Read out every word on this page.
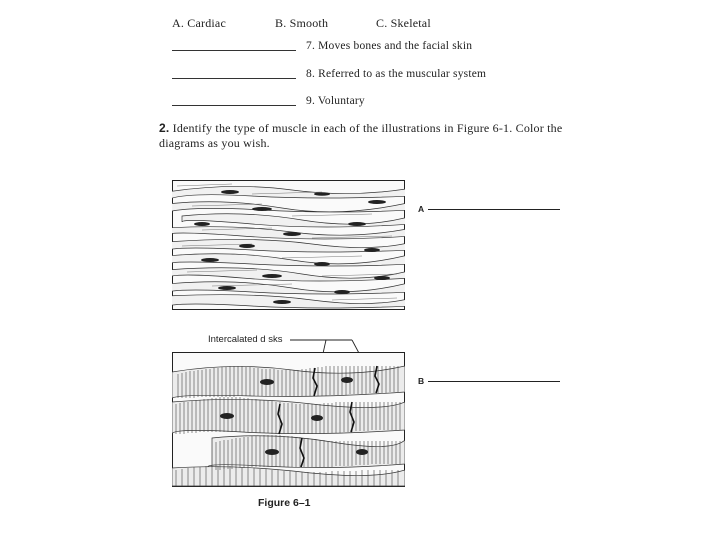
A. Cardiac	B. Smooth	C. Skeletal
7. Moves bones and the facial skin
8. Referred to as the muscular system
9. Voluntary
2. Identify the type of muscle in each of the illustrations in Figure 6-1. Color the diagrams as you wish.
A
Intercalated d sks
B
Figure 6–1
